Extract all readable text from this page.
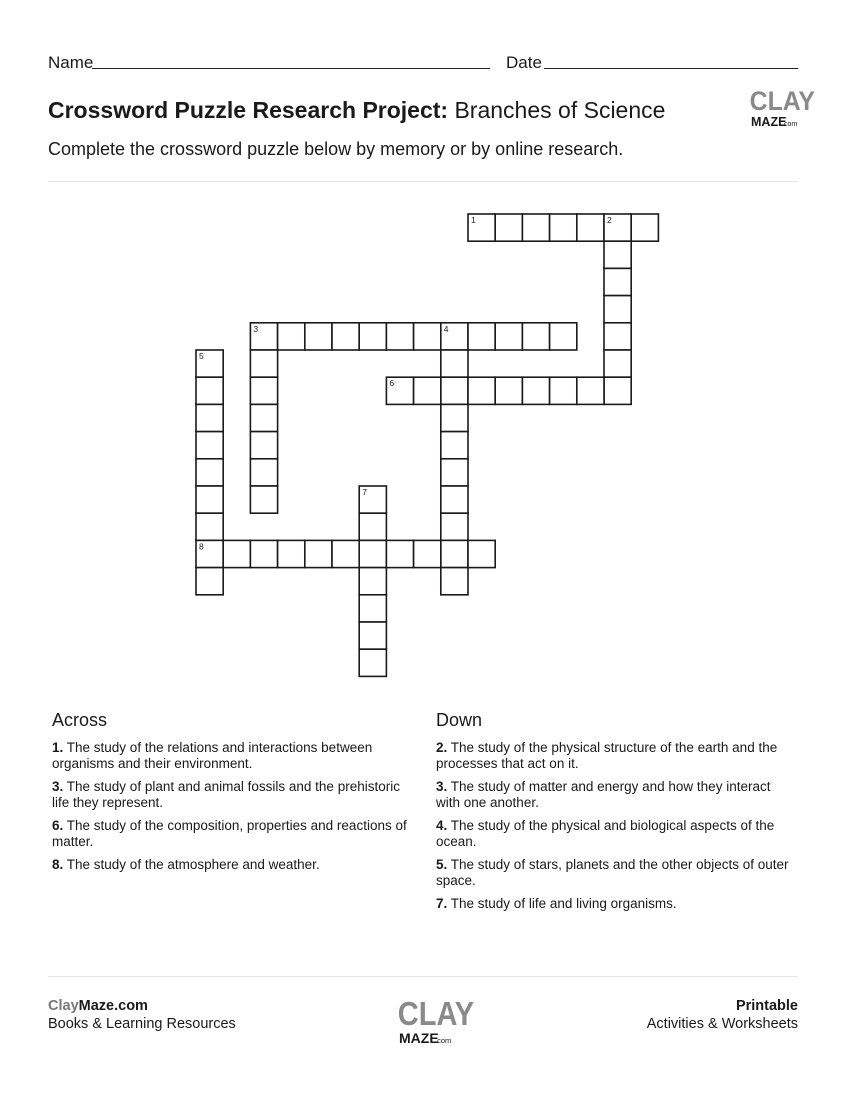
Name	Date
Crossword Puzzle Research Project: Branches of Science	CLAY
MAZE
.com
Complete the crossword puzzle below by memory or by online research.
1	2
3	4
5
6
7
8
Across
1. The study of the relations and interactions between organisms and their environment.
3. The study of plant and animal fossils and the prehistoric life they represent.
6. The study of the composition, properties and reactions of matter.
8. The study of the atmosphere and weather.
Down
2. The study of the physical structure of the earth and the processes that act on it.
3. The study of matter and energy and how they interact with one another.
4. The study of the physical and biological aspects of the ocean.
5. The study of stars, planets and the other objects of outer space.
7. The study of life and living organisms.
ClayMaze.com
Books & Learning Resources	CLAY
MAZE
.com
Printable
Activities & Worksheets
